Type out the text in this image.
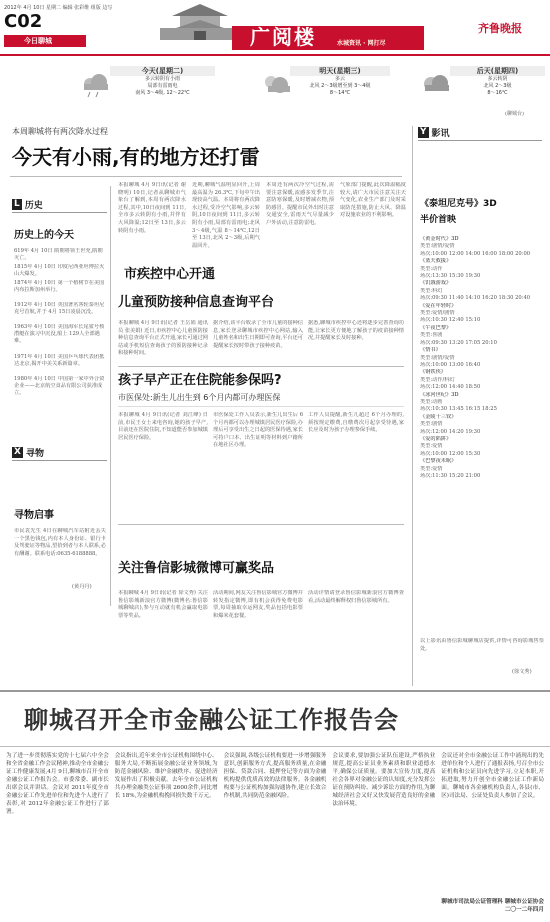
2012年 4月 10日 星期二 编辑 张彩维 组版 边写
C02
今日聊城	广阅楼	水城资讯 · 网打尽
齐鲁晚报
今天(星期二)
多云转阴有小雨
局部有雷雨电
南风 3～4级, 12～22℃
明天(星期三)
多云
北风 2～3级增至到 3～4级
8～14℃
后天(星期四)
多云转阴
北风 2～3级
8～16℃
(聊城台)
本周聊城将有两次降水过程
今天有小雨,有的地方还打雷
本报聊城 4月 9日讯(记者 谢晓明) 10日,记者从聊城市气象台了解到,本周有两次降水过程,其中,10日夜间到 11日,全市多云转阴有小雨,并伴有大风降温;12日至 13日,多云转阴有小雨。
近期,聊城气温明显回升,上周最高温为 26.3℃,下旬中午出现较高气温。本周将有两次降水过程,受冷空气影响,多云转阴,10日夜间到 11日,多云转阴有小雨,局部有雷雨电;北风 3～4级,气温 8～14℃,12日至 13日,北风 2～3级,后期气温回升。
本周还有两次冷空气过程,需要注意保暖,流感多发季节,注意防寒保暖,及时增减衣物,预防感冒。提醒市民外出时注意交通安全,雷雨天气尽量减少户外活动,注意防雷电。
气象部门提醒,此次降温幅度较大,请广大市民注意关注天气变化,农业生产部门及时采取防范措施,防止大风、降温对设施农业的不利影响。
L 历史
历史上的今天
619年 4月 10日 隋朝将领王世充,隋朝灭亡。
1815年 4月 10日 印度尼西亚坦博拉火山大爆发。
1874年 4月 10日 第一个植树节在美国内布拉斯加州举行。
1912年 4月 10日 英国著名客轮泰坦尼克号首航,并于 4月 15日凌晨沉没。
1963年 4月 10日 美国海军长尾鲨号核潜艇在演习中沉没,船上 129人全部遇难。
1971年 4月 10日 美国乒乓球代表团抵达北京,揭开中美关系新篇章。
1980年 4月 10日 中国第一家中外合资企业——北京航空食品有限公司获准成立。
X 寻物
寻物启事
市民袁先生 4日在聊城汽车站附近丢失一个黑色钱包,内有本人身份证、银行卡及驾驶证等物品,望拾到者与本人联系,必有酬谢。联系电话:0635-6188888。
(黄丹丹)
市疾控中心开通
儿童预防接种信息查询平台
本报聊城 4月 9日讯(记者 王岳娟 通讯员 张美娟) 近日,市疾控中心儿童预防接种信息查询平台正式开通,家长可通过网站或手机短信查询孩子的预防接种记录和接种时间。
据介绍,该平台收录了全市儿童的接种信息,家长登录聊城市疾控中心网站,输入儿童姓名和出生日期即可查询,平台还可提醒家长按时带孩子接种疫苗。
据悉,聊城市疾控中心还将逐步完善查询功能,让家长更方便地了解孩子的疫苗接种情况,并提醒家长及时接种。
孩子早产正在住院能参保吗?
市医保处:新生儿出生到 6个月内都可办理医保
本报聊城 4月 9日讯(记者 刘江峰) 日前,市民王女士来电咨询,她的孩子早产,目前还在医院住院,不知道能否参加城镇居民医疗保险。
市医保处工作人员表示,新生儿出生后 6个月内都可以办理城镇居民医疗保险,办理后可享受出生之日起的医保待遇,家长可持户口本、出生证明等材料到户籍所在地社区办理。
工作人员提醒,新生儿超过 6个月办理的,须按规定缴费,自缴费次月起享受待遇,家长应及时为孩子办理参保手续。
关注鲁信影城微博可赢奖品
本报聊城 4月 9日讯(记者 徐文秀) 关注鲁信影城新浪官方微博(微博名:鲁信影城聊城店),参与互动就有机会赢取电影票等奖品。
活动期间,网友关注鲁信影城官方微博并转发指定微博,即有机会获得免费电影票,每周抽取幸运网友,奖品包括电影票和爆米花套餐。
活动详情请登录鲁信影城新浪官方微博查看,活动最终解释权归鲁信影城所有。
Y 影讯
《泰坦尼克号》3D
半价首映
《黄金时代》3D
类型:剧情/爱情
场次:10:00 12:00 14:00 16:00 18:00 20:00
《蓝天救援》
类型:动作
场次:13:30 15:30 19:30
《饥饿游戏》
类型:科幻
场次:09:30 11:40 14:10 16:20 18:30 20:40
《爱在年轻时》
类型:爱情/剧情
场次:10:30 12:40 15:10
《午夜巴黎》
类型:喜剧
场次:09:30 13:20 17:05 20:10
《情书》
类型:剧情/爱情
场次:10:00 13:00 16:40
《钢铁侠》
类型:动作/科幻
场次:12:00 14:40 18:50
《冰河世纪》3D
类型:动画
场次:10:30 13:45 16:15 18:25
《金陵十三钗》
类型:剧情
场次:12:00 14:20 19:30
《爱的陷阱》
类型:爱情
场次:10:00 12:00 15:30
《巴黎夜未眠》
类型:爱情
场次:11:30 15:20 21:00
以上影讯由鲁信影城聊城店提供,详情可咨询影城售票处。
(徐文秀)
聊城召开全市金融公证工作报告会
为了进一步贯彻落实党的十七届六中全会和全省金融工作会议精神,推动全市金融公证工作健康发展,4月 9日,聊城市召开全市金融公证工作报告会。市委常委、副市长出席会议并讲话。会议对 2011年度全市金融公证工作先进单位和先进个人进行了表彰,对 2012年金融公证工作进行了部署。
会议指出,近年来全市公证机构围绕中心、服务大局,不断拓展金融公证业务领域,为防范金融风险、维护金融秩序、促进经济发展作出了积极贡献。去年全市公证机构共办理金融类公证事项 2600余件,同比增长 18%,为金融机构挽回损失数千万元。
会议强调,各级公证机构要进一步增强服务意识,创新服务方式,提高服务质量,在金融担保、贷款合同、抵押登记等方面为金融机构提供优质高效的法律服务。各金融机构要与公证机构加强沟通协作,建立长效合作机制,共同防范金融风险。
会议要求,要加强公证队伍建设,严格执业规范,提高公证员业务素质和职业道德水平,确保公证质量。要加大宣传力度,提高社会各界对金融公证的认知度,充分发挥公证在预防纠纷、减少诉讼方面的作用,为聊城经济社会又好又快发展营造良好的金融法治环境。
会议还对全市金融公证工作中涌现出的先进单位和个人进行了通报表扬,号召全市公证机构和公证员向先进学习,立足本职,开拓进取,努力开创全市金融公证工作新局面。聊城市各金融机构负责人,各县(市、区)司法局、公证处负责人参加了会议。
聊城市司法局公证管理科 聊城市公证协会 二〇一二年四月
